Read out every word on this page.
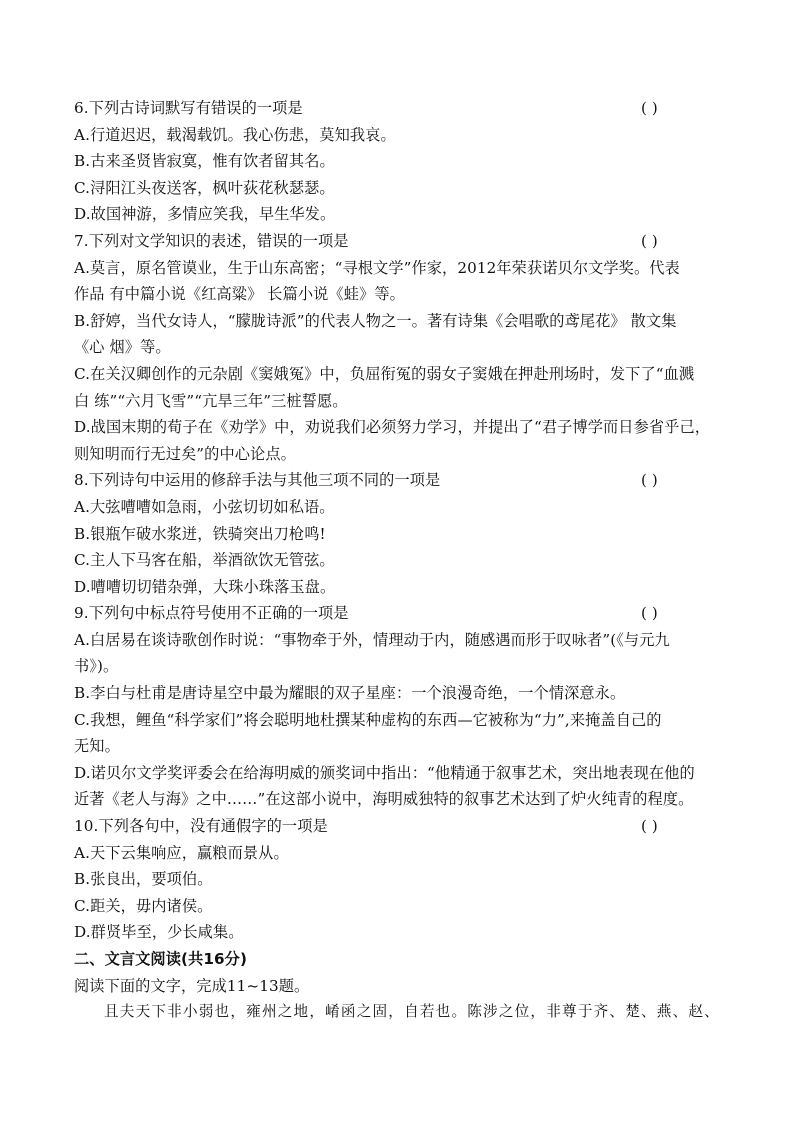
6.下列古诗词默写有错误的一项是	( )
A.行道迟迟，载渴载饥。我心伤悲，莫知我哀。
B.古来圣贤皆寂寞，惟有饮者留其名。
C.浔阳江头夜送客，枫叶荻花秋瑟瑟。
D.故国神游，多情应笑我，早生华发。
7.下列对文学知识的表述，错误的一项是	( )
A.莫言，原名管谟业，生于山东高密；“寻根文学”作家，2012年荣获诺贝尔文学奖。代表
作品 有中篇小说《红高粱》 长篇小说《蛙》等。
B.舒婷，当代女诗人，“朦胧诗派”的代表人物之一。著有诗集《会唱歌的鸢尾花》 散文集
《心 烟》等。
C.在关汉卿创作的元杂剧《窦娥冤》中，负屈衔冤的弱女子窦娥在押赴刑场时，发下了“血溅
白 练”“六月飞雪”“亢旱三年”三桩誓愿。
D.战国末期的荀子在《劝学》中，劝说我们必须努力学习，并提出了“君子博学而日参省乎己，
则知明而行无过矣”的中心论点。
8.下列诗句中运用的修辞手法与其他三项不同的一项是	( )
A.大弦嘈嘈如急雨，小弦切切如私语。
B.银瓶乍破水浆迸，铁骑突出刀枪鸣!
C.主人下马客在船，举酒欲饮无管弦。
D.嘈嘈切切错杂弹，大珠小珠落玉盘。
9.下列句中标点符号使用不正确的一项是	( )
A.白居易在谈诗歌创作时说：“事物牵于外，情理动于内，随感遇而形于叹咏者”(《与元九
书》)。
B.李白与杜甫是唐诗星空中最为耀眼的双子星座：一个浪漫奇绝，一个情深意永。
C.我想，鲤鱼“科学家们”将会聪明地杜撰某种虚构的东西—它被称为“力”,来掩盖自己的
无知。
D.诺贝尔文学奖评委会在给海明威的颁奖词中指出：“他精通于叙事艺术，突出地表现在他的
近著《老人与海》之中……”在这部小说中，海明威独特的叙事艺术达到了炉火纯青的程度。
10.下列各句中，没有通假字的一项是	( )
A.天下云集响应，赢粮而景从。
B.张良出，要项伯。
C.距关，毋内诸侯。
D.群贤毕至，少长咸集。
二、文言文阅读(共16分)
阅读下面的文字，完成11~13题。
且夫天下非小弱也，雍州之地，崤函之固，自若也。陈涉之位，非尊于齐、楚、燕、赵、
